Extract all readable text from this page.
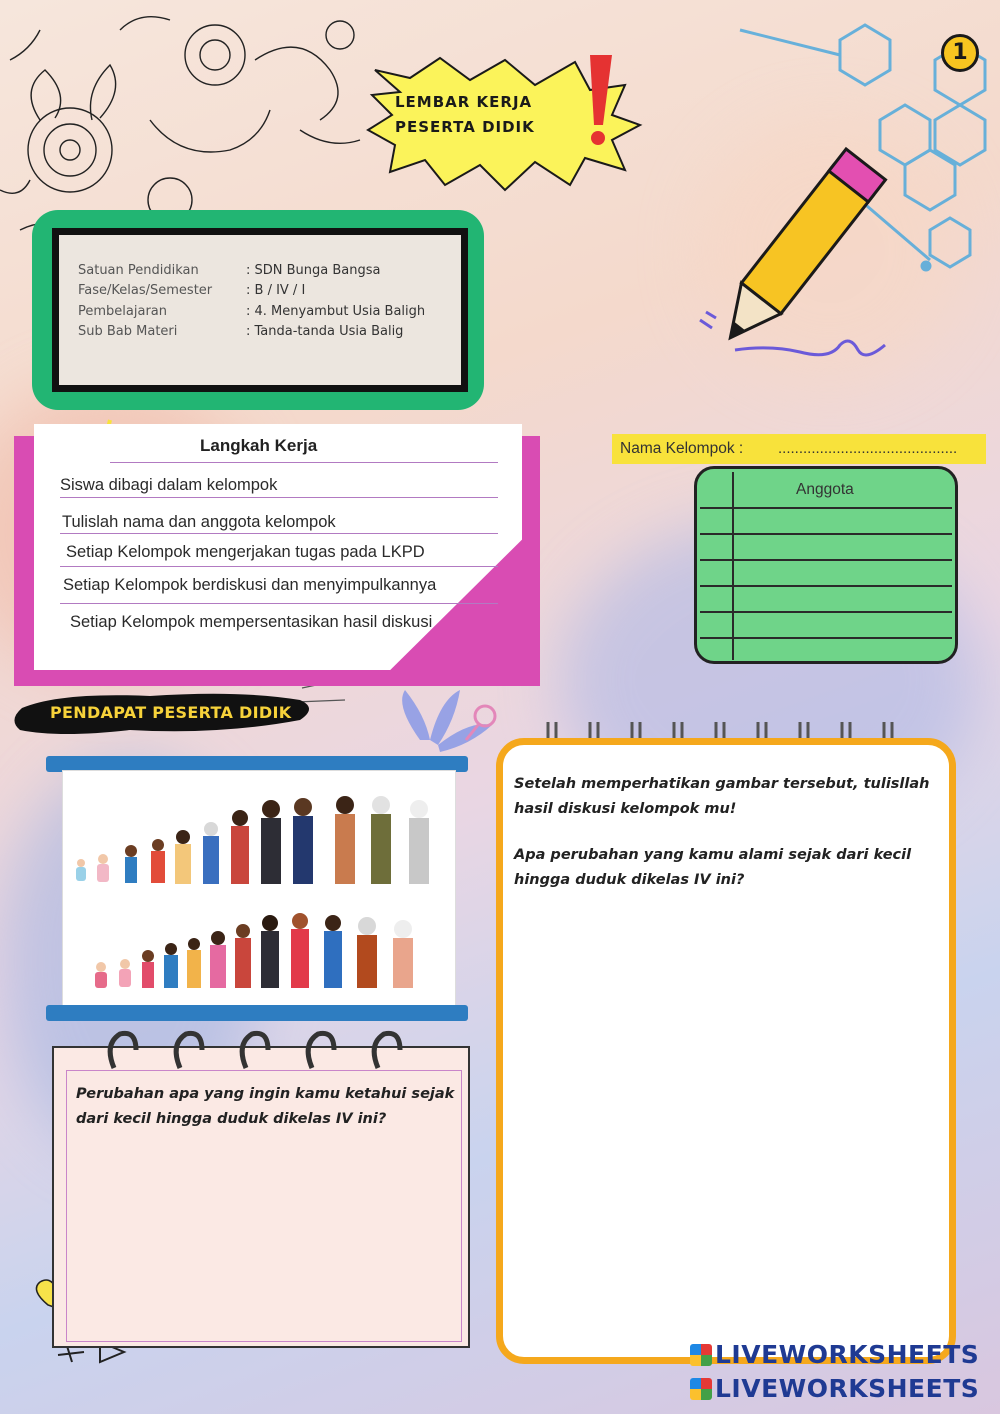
LEMBAR KERJA
PESERTA DIDIK
1
Satuan Pendidikan	: SDN Bunga Bangsa
Fase/Kelas/Semester	: B / IV / I
Pembelajaran	: 4. Menyambut Usia Baligh
Sub Bab Materi	: Tanda-tanda Usia Balig
Langkah Kerja
Siswa dibagi dalam kelompok
Tulislah nama dan anggota kelompok
Setiap Kelompok mengerjakan tugas pada LKPD
Setiap Kelompok berdiskusi dan menyimpulkannya
Setiap Kelompok mempersentasikan hasil diskusi
Nama Kelompok : ...........................................
Anggota
PENDAPAT PESERTA DIDIK
Setelah memperhatikan gambar tersebut, tulisllah hasil diskusi kelompok mu!
Apa perubahan yang kamu alami sejak dari kecil hingga duduk dikelas IV ini?
Perubahan apa yang ingin kamu ketahui sejak dari kecil hingga duduk dikelas IV ini?
LIVEWORKSHEETS
LIVEWORKSHEETS
